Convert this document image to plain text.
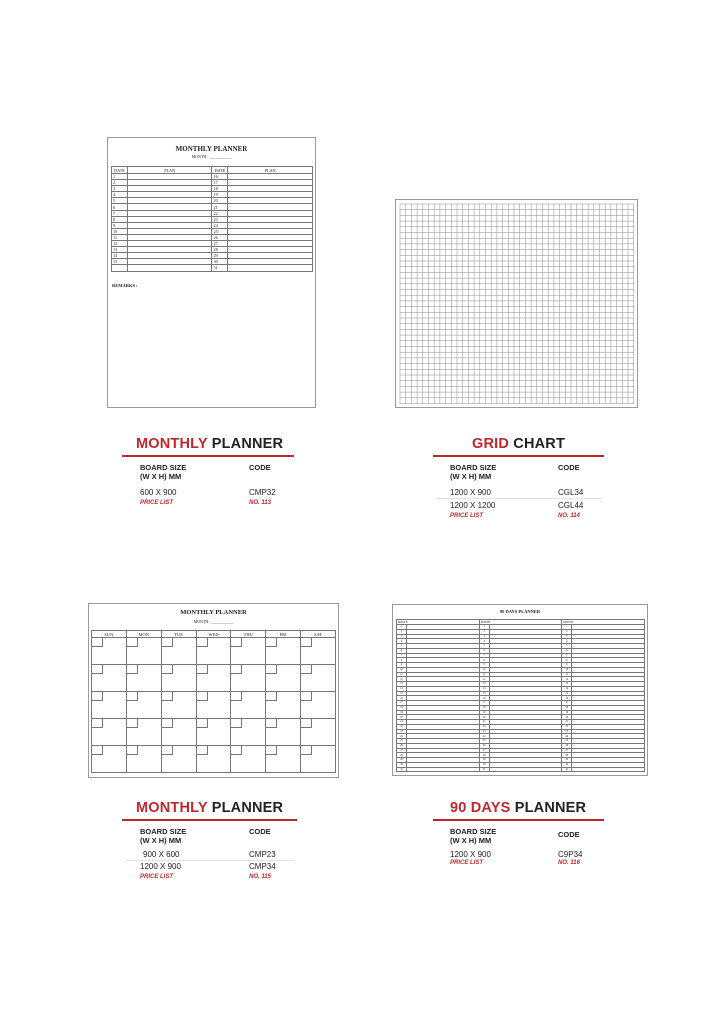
MONTHLY PLANNER
MONTH : ___________
DATE	PLAN	DATE	PLAN
1		16	
2		17	
3		18	
4		19	
5		20	
6		21	
7		22	
8		23	
9		24	
10		25	
11		26	
12		27	
13		28	
14		29	
15		30	
		31	
REMARKS :
MONTHLY PLANNER
MONTH : ___________
SUN	MON	TUE	WED	THU	FRI	SAT

90 DAYS PLANNER
MONTH		MONTH		MONTH	
1		1		1	
2		2		2	
3		3		3	
4		4		4	
5		5		5	
6		6		6	
7		7		7	
8		8		8	
9		9		9	
10		10		10	
11		11		11	
12		12		12	
13		13		13	
14		14		14	
15		15		15	
16		16		16	
17		17		17	
18		18		18	
19		19		19	
20		20		20	
21		21		21	
22		22		22	
23		23		23	
24		24		24	
25		25		25	
26		26		26	
27		27		27	
28		28		28	
29		29		29	
30		30		30	
31		31		31	
MONTHLY PLANNER
BOARD SIZE
(W X H) MM
CODE
600 X 900	CMP32
PRICE LIST	NO. 113
GRID CHART
BOARD SIZE
(W X H) MM
CODE
1200 X 900	CGL34
1200 X 1200	CGL44
PRICE LIST	NO. 114
MONTHLY PLANNER
BOARD SIZE
(W X H) MM
CODE
900 X 600	CMP23
1200 X 900	CMP34
PRICE LIST	NO. 115
90 DAYS PLANNER
BOARD SIZE
(W X H) MM
CODE
1200 X 900	C9P34
PRICE LIST	NO. 116
